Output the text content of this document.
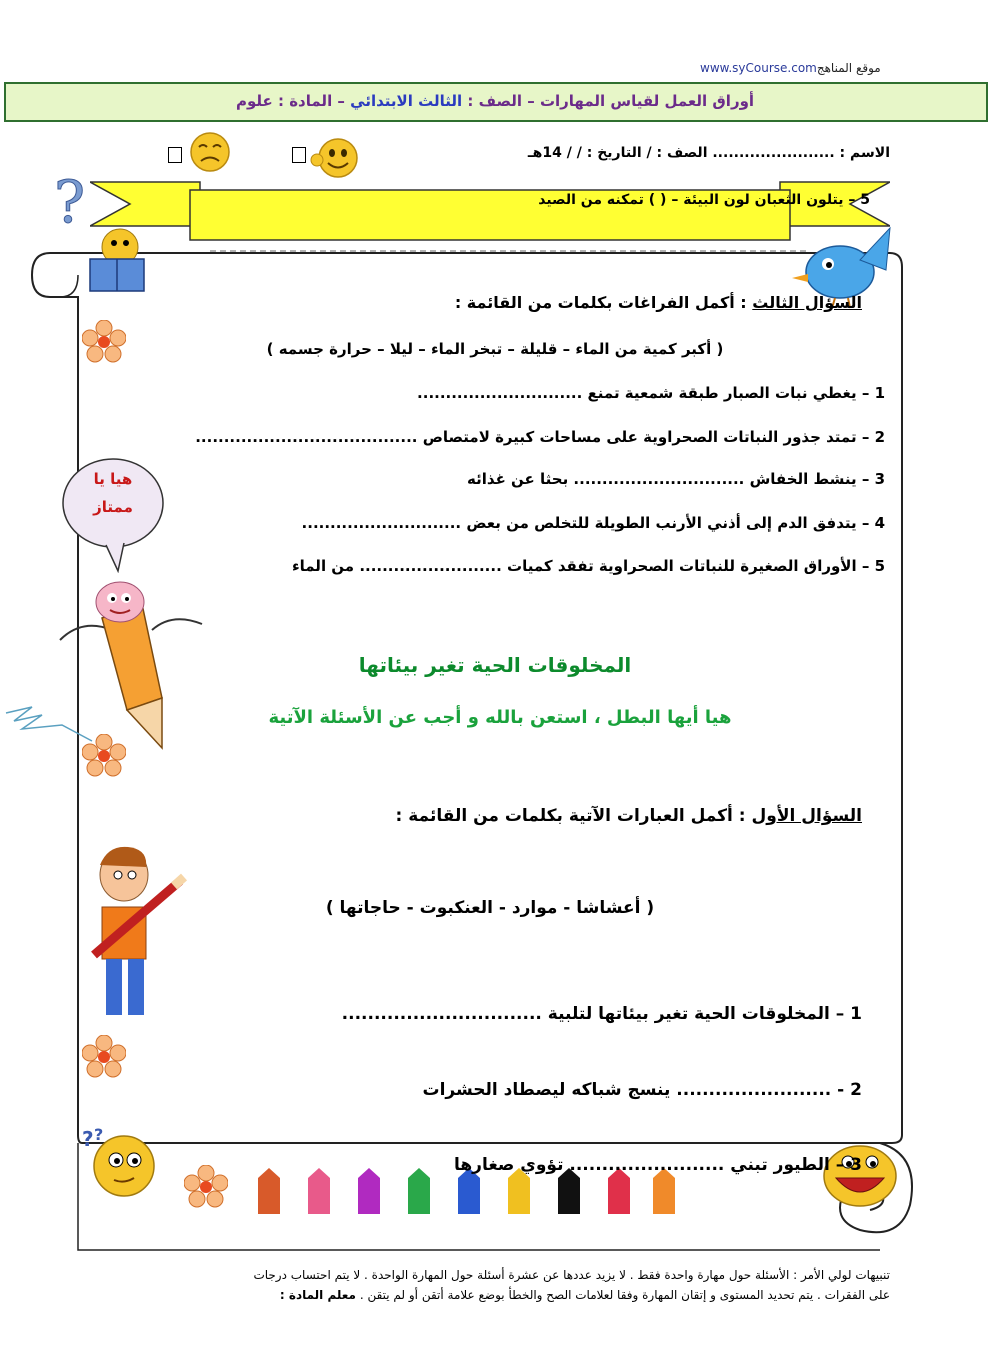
www.syCourse.comموقع المناهج
أوراق العمل لقياس المهارات – الصف : الثالث الابتدائي – المادة : علوم
الاسم : ....................... الصف : / التاريخ : / / 14هـ
?	5 – يتلون الثعبان لون البيئة – ( ) تمكنه من الصيد
هيا يا
ممتاز
? ?
السؤال الثالث : أكمل الفراغات بكلمات من القائمة :
( أكبر كمية من الماء – قليلة – تبخر الماء – ليلا – حرارة جسمه )
1 – يغطي نبات الصبار طبقة شمعية تمنع .............................
2 – تمتد جذور النباتات الصحراوية على مساحات كبيرة لامتصاص .......................................
3 – ينشط الخفاش .............................. بحثا عن غذائه
4 – يتدفق الدم إلى أذني الأرنب الطويلة للتخلص من بعض ............................
5 – الأوراق الصغيرة للنباتات الصحراوية تفقد كميات ......................... من الماء
المخلوقات الحية تغير بيئاتها
هيا أيها البطل ، استعن بالله و أجب عن الأسئلة الآتية
السؤال الأول : أكمل العبارات الآتية بكلمات من القائمة :
( أعشاشا - موارد - العنكبوت - حاجاتها )
1 – المخلوقات الحية تغير بيئاتها لتلبية ...............................
2 - ........................ ينسج شباكه ليصطاد الحشرات
3 – الطيور تبني ........................ تؤوي صغارها
تنبيهات لولي الأمر : الأسئلة حول مهارة واحدة فقط . لا يزيد عددها عن عشرة أسئلة حول المهارة الواحدة . لا يتم احتساب درجات
على الفقرات . يتم تحديد المستوى و إتقان المهارة وفقا لعلامات الصح والخطأ بوضع علامة أتقن أو لم يتقن . معلم المادة :
